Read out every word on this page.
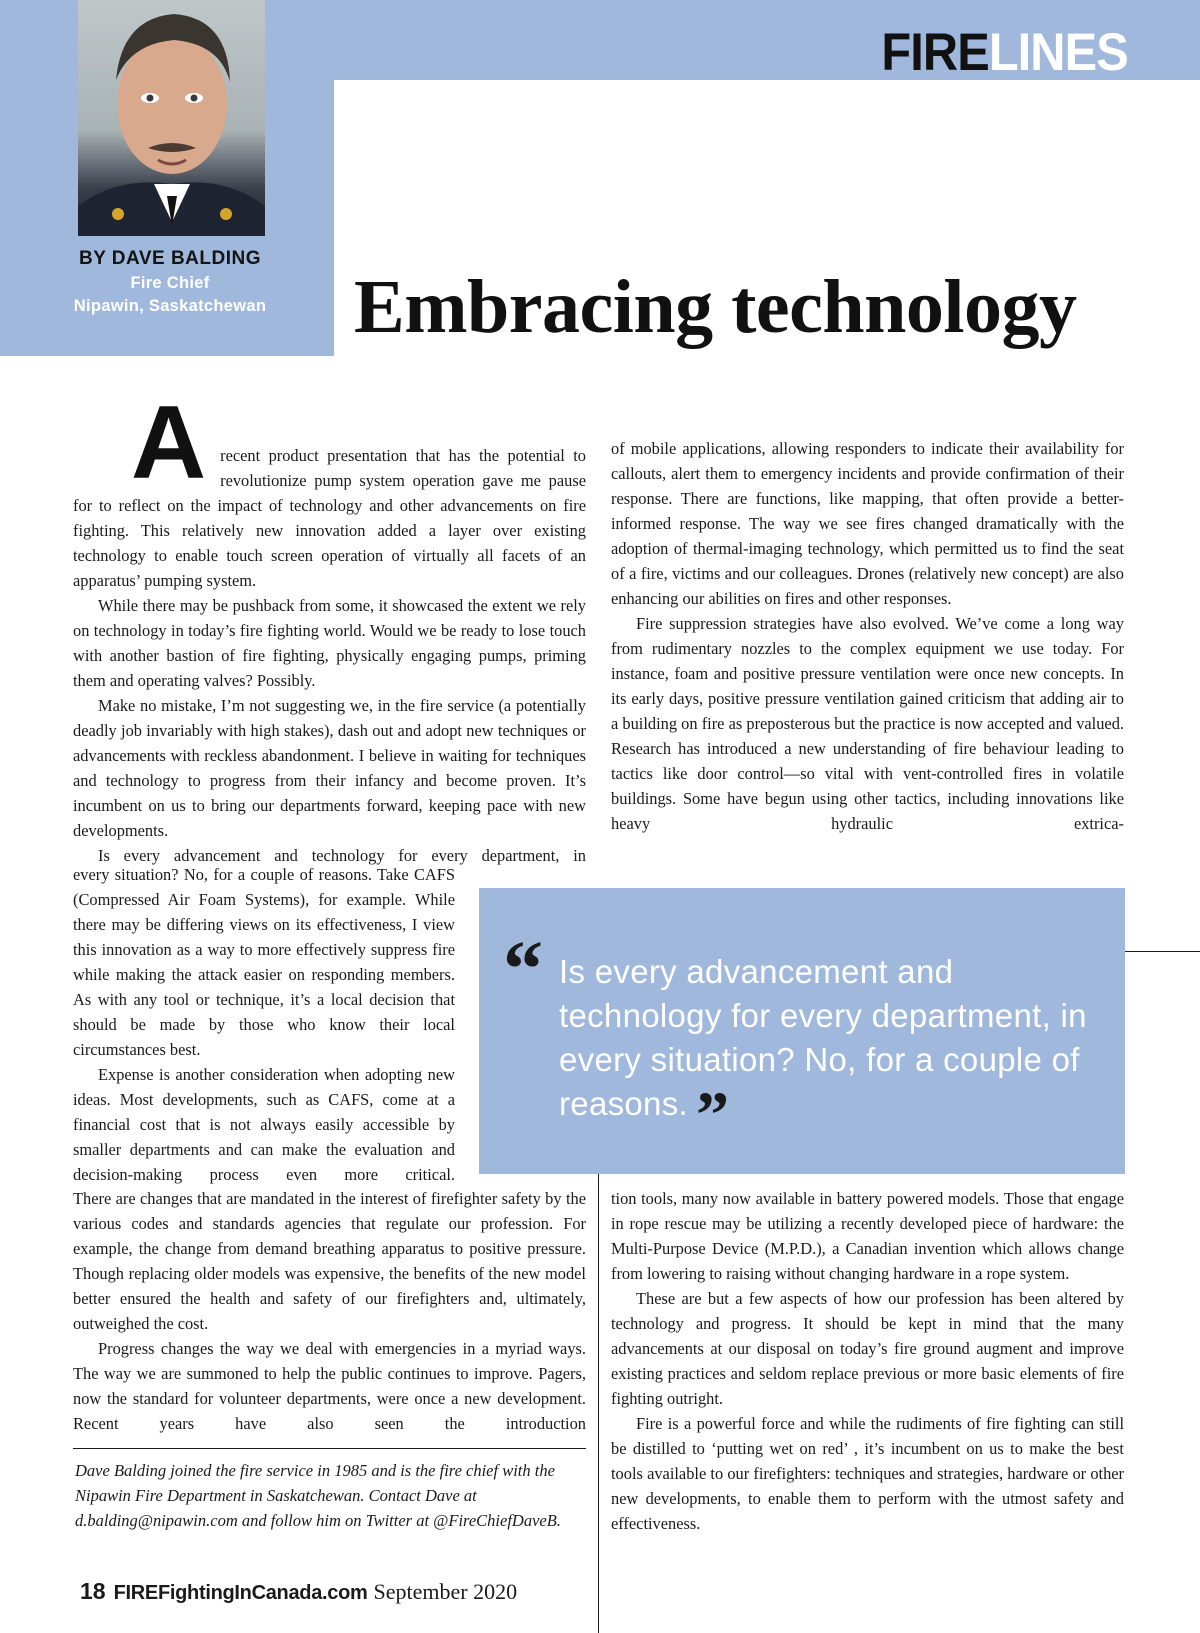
BY DAVE BALDING
Fire Chief
Nipawin, Saskatchewan
FIRELINES
Embracing technology
A recent product presentation that has the potential to revolutionize pump system operation gave me pause for to reflect on the impact of technology and other advancements on fire fighting. This relatively new innovation added a layer over existing technology to enable touch screen operation of virtually all facets of an apparatus’ pumping system.

While there may be pushback from some, it showcased the extent we rely on technology in today’s fire fighting world. Would we be ready to lose touch with another bastion of fire fighting, physically engaging pumps, priming them and operating valves? Possibly.

Make no mistake, I’m not suggesting we, in the fire service (a potentially deadly job invariably with high stakes), dash out and adopt new techniques or advancements with reckless abandonment. I believe in waiting for techniques and technology to progress from their infancy and become proven. It’s incumbent on us to bring our departments forward, keeping pace with new developments.

Is every advancement and technology for every department, in

every situation? No, for a couple of reasons. Take CAFS (Compressed Air Foam Systems), for example. While there may be differing views on its effectiveness, I view this innovation as a way to more effectively suppress fire while making the attack easier on responding members. As with any tool or technique, it’s a local decision that should be made by those who know their local circumstances best.

Expense is another consideration when adopting new ideas. Most developments, such as CAFS, come at a financial cost that is not always easily accessible by smaller departments and can make the evaluation and decision-making process even more critical.

There are changes that are mandated in the interest of firefighter safety by the various codes and standards agencies that regulate our profession. For example, the change from demand breathing apparatus to positive pressure. Though replacing older models was expensive, the benefits of the new model better ensured the health and safety of our firefighters and, ultimately, outweighed the cost.

Progress changes the way we deal with emergencies in a myriad ways. The way we are summoned to help the public continues to improve. Pagers, now the standard for volunteer departments, were once a new development. Recent years have also seen the introduction

of mobile applications, allowing responders to indicate their availability for callouts, alert them to emergency incidents and provide confirmation of their response. There are functions, like mapping, that often provide a better-informed response. The way we see fires changed dramatically with the adoption of thermal-imaging technology, which permitted us to find the seat of a fire, victims and our colleagues. Drones (relatively new concept) are also enhancing our abilities on fires and other responses.

Fire suppression strategies have also evolved. We’ve come a long way from rudimentary nozzles to the complex equipment we use today. For instance, foam and positive pressure ventilation were once new concepts. In its early days, positive pressure ventilation gained criticism that adding air to a building on fire as preposterous but the practice is now accepted and valued. Research has introduced a new understanding of fire behaviour leading to tactics like door control—so vital with vent-controlled fires in volatile buildings. Some have begun using other tactics, including innovations like heavy hydraulic extrica-

“ Is every advancement and technology for every department, in every situation? No, for a couple of reasons. ”

tion tools, many now available in battery powered models. Those that engage in rope rescue may be utilizing a recently developed piece of hardware: the Multi-Purpose Device (M.P.D.), a Canadian invention which allows change from lowering to raising without changing hardware in a rope system.

These are but a few aspects of how our profession has been altered by technology and progress. It should be kept in mind that the many advancements at our disposal on today’s fire ground augment and improve existing practices and seldom replace previous or more basic elements of fire fighting outright.

Fire is a powerful force and while the rudiments of fire fighting can still be distilled to ‘putting wet on red’ , it’s incumbent on us to make the best tools available to our firefighters: techniques and strategies, hardware or other new developments, to enable them to perform with the utmost safety and effectiveness.

Dave Balding joined the fire service in 1985 and is the fire chief with the Nipawin Fire Department in Saskatchewan. Contact Dave at d.balding@nipawin.com and follow him on Twitter at @FireChiefDaveB.
18 FIREFightingInCanada.com September 2020
